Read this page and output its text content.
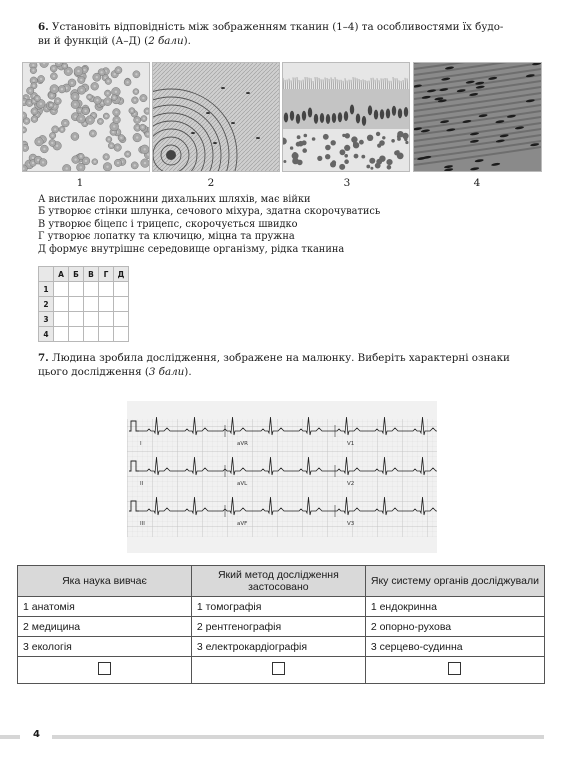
6. Установіть відповідність між зображенням тканин (1–4) та особливостями їх будо-
ви й функцій (А–Д) (2 бали).
1	2	3	4
А вистилає порожнини дихальних шляхів, має війки
Б утворює стінки шлунка, сечового міхура, здатна скорочуватись
В утворює біцепс і трицепс, скорочується швидко
Г утворює лопатку та ключицю, міцна та пружна
Д формує внутрішнє середовище організму, рідка тканина
	А	Б	В	Г	Д
1					
2					
3					
4					
7. Людина зробила дослідження, зображене на малюнку. Виберіть характерні ознаки
цього дослідження (3 бали).
I	aVR	V1
II	aVL	V2
III	aVF	V3
Яка наука вивчає	Який метод дослідження застосовано	Яку систему органів досліджували
1 анатомія	1 томографія	1 ендокринна
2 медицина	2 рентгенографія	2 опорно-рухова
3 екологія	3 електрокардіографія	3 серцево-судинна

4
